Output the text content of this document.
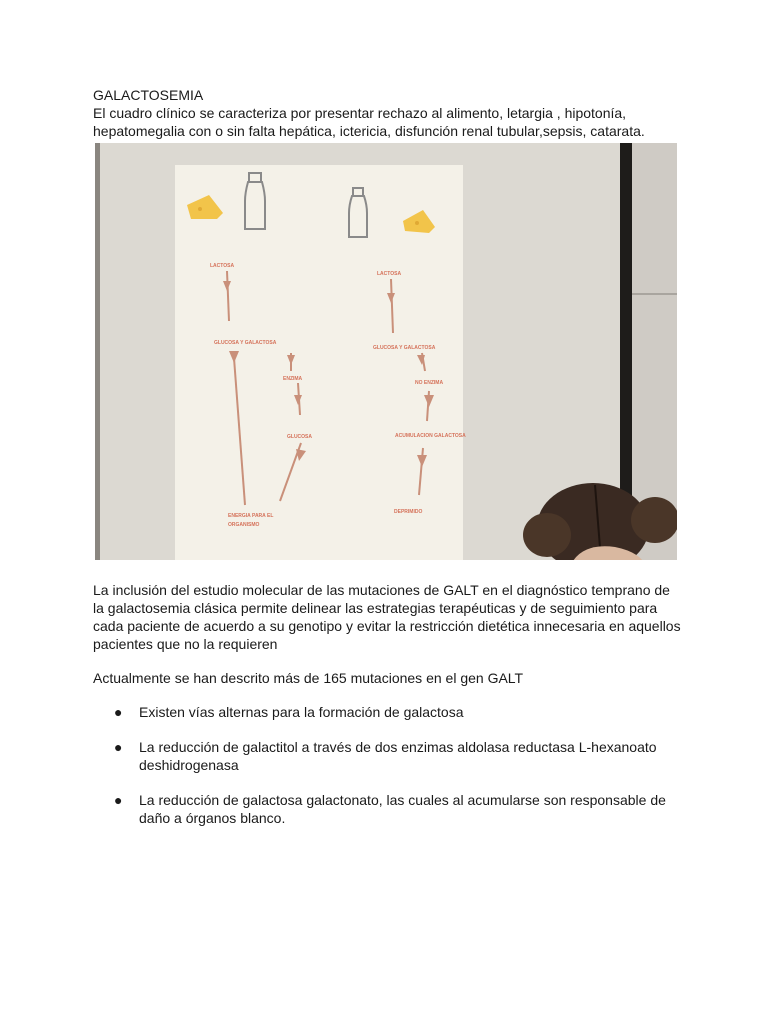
GALACTOSEMIA

El cuadro clínico se caracteriza por presentar rechazo al alimento, letargia , hipotonía, hepatomegalia con o sin falta hepática, ictericia, disfunción renal tubular,sepsis, catarata.

LACTOSA
GLUCOSA Y GALACTOSA
ENZIMA
GLUCOSA
ENERGIA PARA EL
ORGANISMO
LACTOSA
GLUCOSA Y GALACTOSA
NO ENZIMA
ACUMULACION GALACTOSA
DEPRIMIDO

La inclusión del estudio molecular de las mutaciones de GALT en el diagnóstico temprano de la galactosemia clásica permite delinear las estrategias terapéuticas y de seguimiento para cada paciente de acuerdo a su genotipo y evitar la restricción dietética innecesaria en aquellos pacientes que no la requieren

Actualmente se han descrito más de 165 mutaciones en el gen GALT

● Existen vías alternas para la formación de galactosa
● La reducción de galactitol a través de dos enzimas aldolasa reductasa L-hexanoato deshidrogenasa
● La reducción de galactosa galactonato, las cuales al acumularse son responsable de daño a órganos blanco.
